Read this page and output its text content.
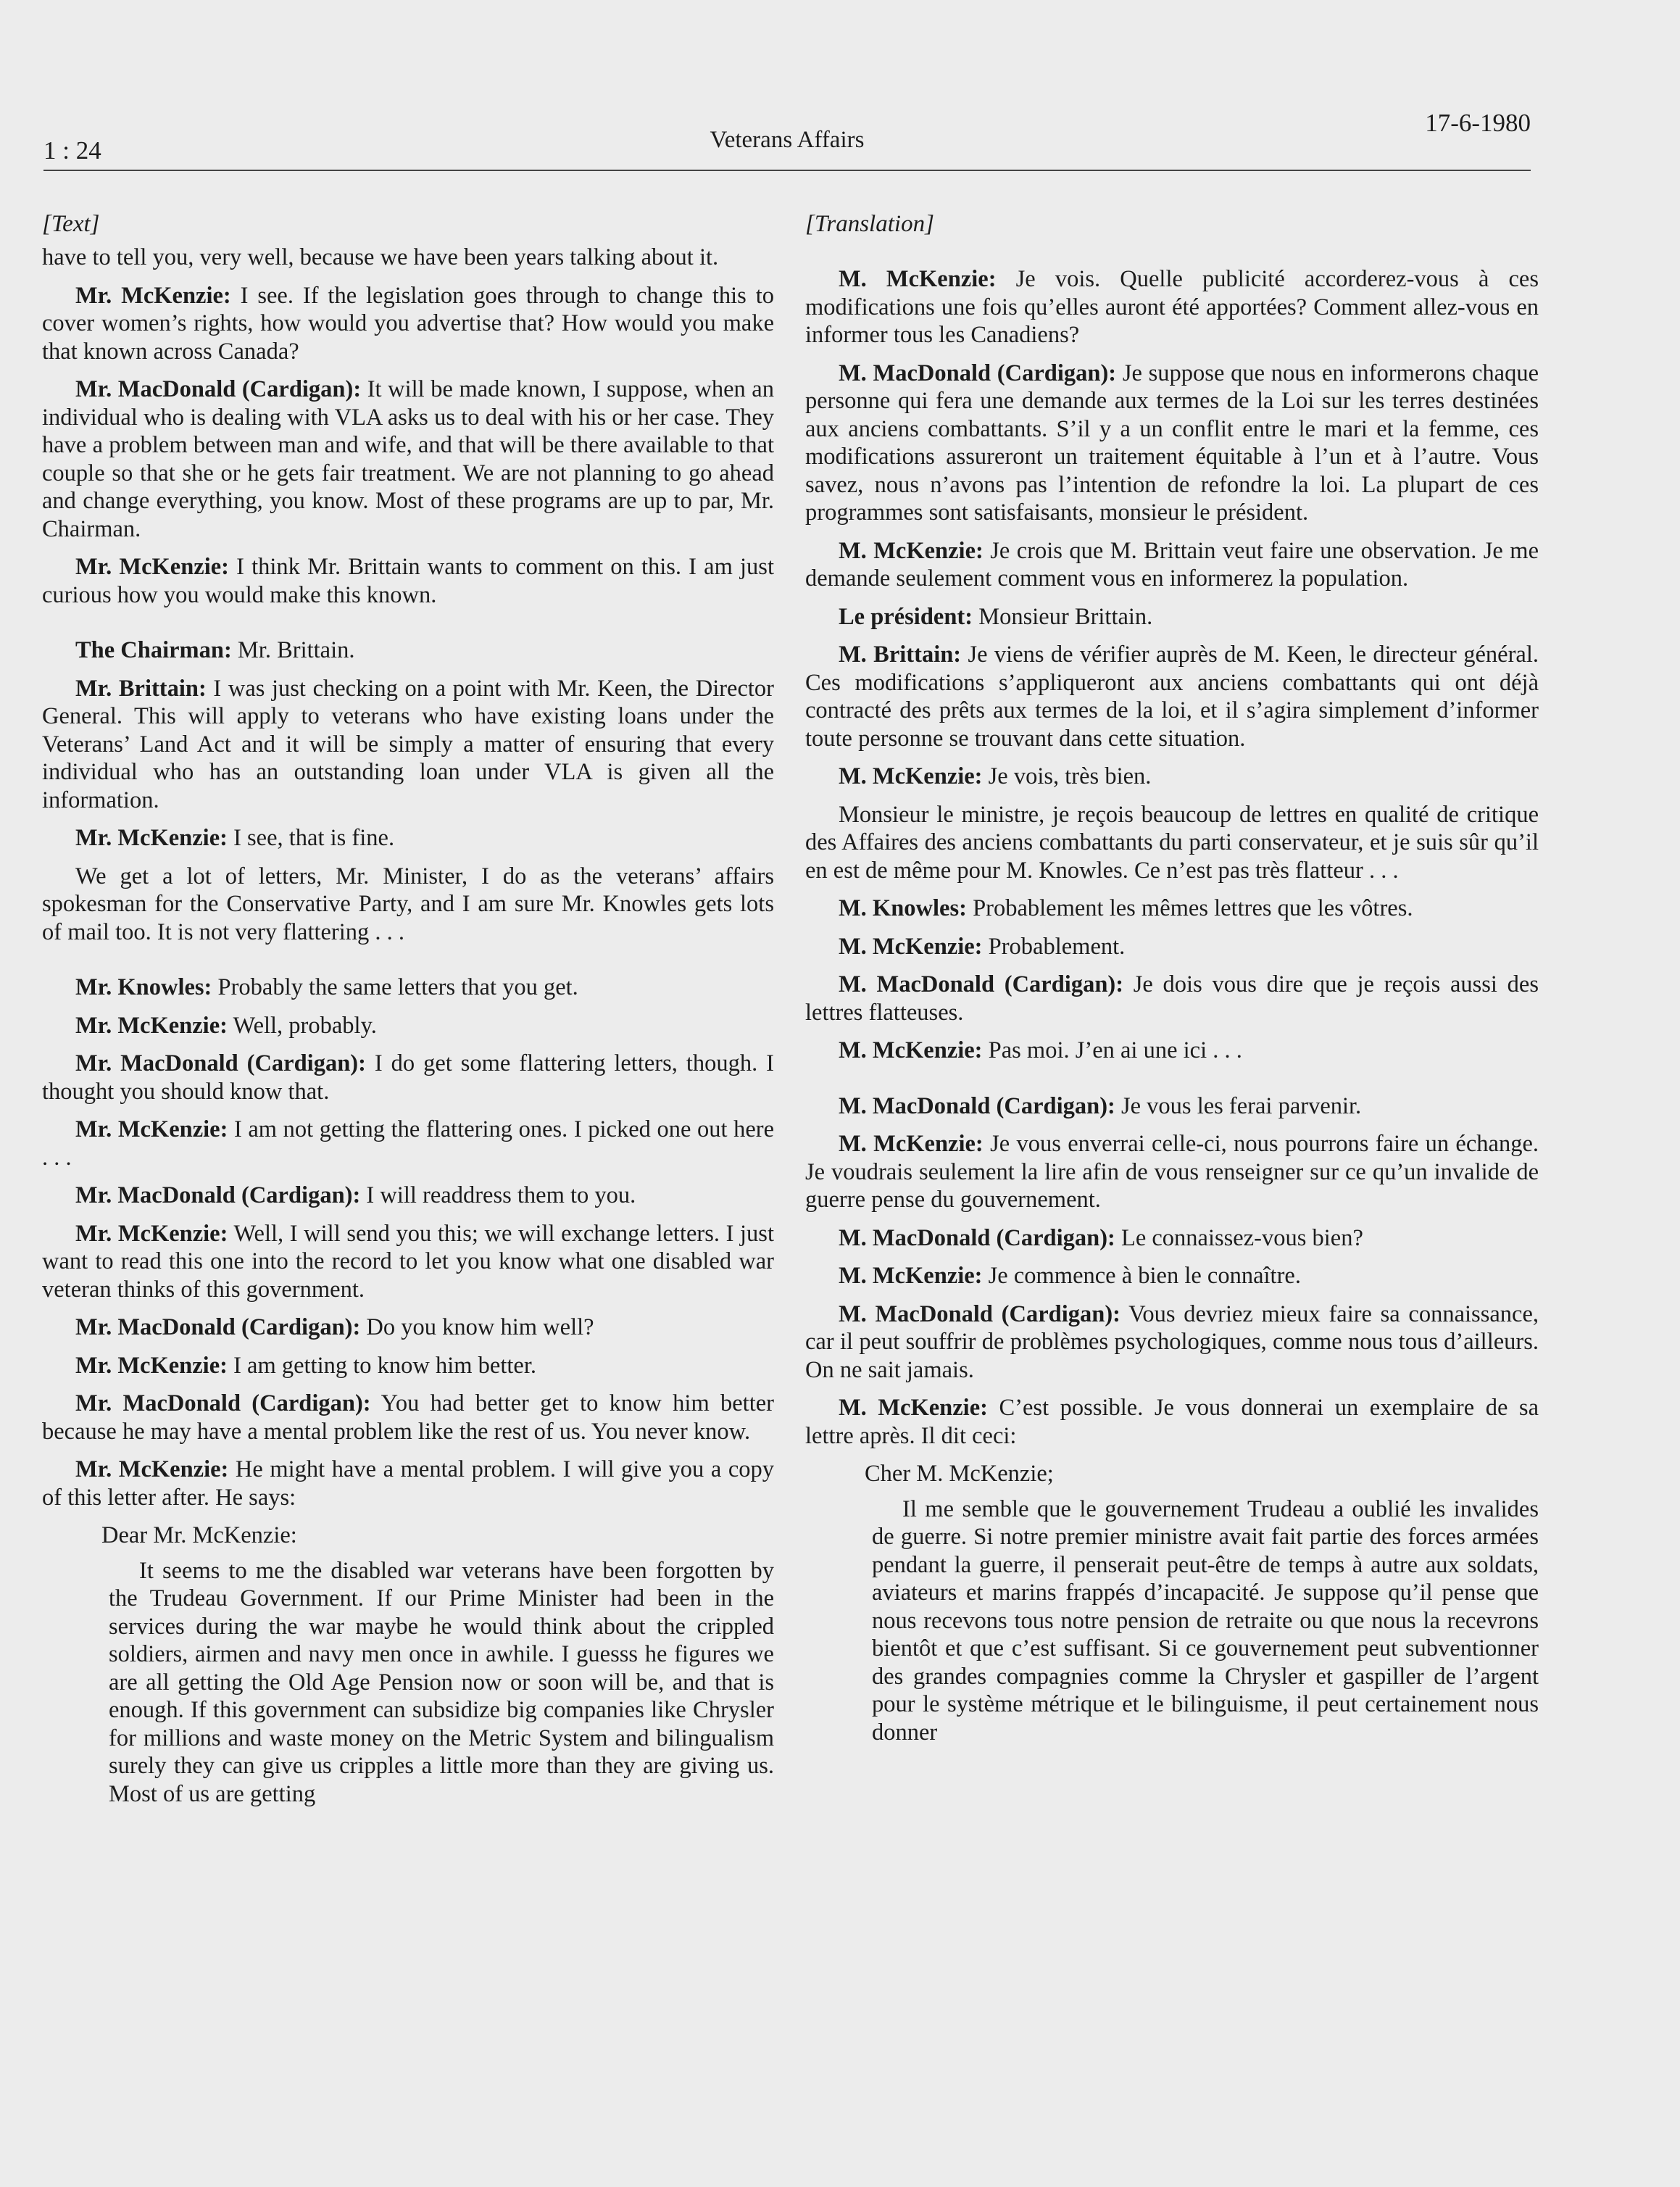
1 : 24	Veterans Affairs
17-6-1980
[Text]

have to tell you, very well, because we have been years talking about it.

Mr. McKenzie: I see. If the legislation goes through to change this to cover women’s rights, how would you advertise that? How would you make that known across Canada?

Mr. MacDonald (Cardigan): It will be made known, I suppose, when an individual who is dealing with VLA asks us to deal with his or her case. They have a problem between man and wife, and that will be there available to that couple so that she or he gets fair treatment. We are not planning to go ahead and change everything, you know. Most of these programs are up to par, Mr. Chairman.

Mr. McKenzie: I think Mr. Brittain wants to comment on this. I am just curious how you would make this known.

The Chairman: Mr. Brittain.

Mr. Brittain: I was just checking on a point with Mr. Keen, the Director General. This will apply to veterans who have existing loans under the Veterans’ Land Act and it will be simply a matter of ensuring that every individual who has an outstanding loan under VLA is given all the information.

Mr. McKenzie: I see, that is fine.

We get a lot of letters, Mr. Minister, I do as the veterans’ affairs spokesman for the Conservative Party, and I am sure Mr. Knowles gets lots of mail too. It is not very flattering . . .

Mr. Knowles: Probably the same letters that you get.

Mr. McKenzie: Well, probably.

Mr. MacDonald (Cardigan): I do get some flattering letters, though. I thought you should know that.

Mr. McKenzie: I am not getting the flattering ones. I picked one out here . . .

Mr. MacDonald (Cardigan): I will readdress them to you.

Mr. McKenzie: Well, I will send you this; we will exchange letters. I just want to read this one into the record to let you know what one disabled war veteran thinks of this government.

Mr. MacDonald (Cardigan): Do you know him well?

Mr. McKenzie: I am getting to know him better.

Mr. MacDonald (Cardigan): You had better get to know him better because he may have a mental problem like the rest of us. You never know.

Mr. McKenzie: He might have a mental problem. I will give you a copy of this letter after. He says:

Dear Mr. McKenzie:

It seems to me the disabled war veterans have been forgotten by the Trudeau Government. If our Prime Minister had been in the services during the war maybe he would think about the crippled soldiers, airmen and navy men once in awhile. I guesss he figures we are all getting the Old Age Pension now or soon will be, and that is enough. If this government can subsidize big companies like Chrysler for millions and waste money on the Metric System and bilingualism surely they can give us cripples a little more than they are giving us. Most of us are getting

[Translation]

M. McKenzie: Je vois. Quelle publicité accorderez-vous à ces modifications une fois qu’elles auront été apportées? Comment allez-vous en informer tous les Canadiens?

M. MacDonald (Cardigan): Je suppose que nous en informerons chaque personne qui fera une demande aux termes de la Loi sur les terres destinées aux anciens combattants. S’il y a un conflit entre le mari et la femme, ces modifications assureront un traitement équitable à l’un et à l’autre. Vous savez, nous n’avons pas l’intention de refondre la loi. La plupart de ces programmes sont satisfaisants, monsieur le président.

M. McKenzie: Je crois que M. Brittain veut faire une observation. Je me demande seulement comment vous en informerez la population.

Le président: Monsieur Brittain.

M. Brittain: Je viens de vérifier auprès de M. Keen, le directeur général. Ces modifications s’appliqueront aux anciens combattants qui ont déjà contracté des prêts aux termes de la loi, et il s’agira simplement d’informer toute personne se trouvant dans cette situation.

M. McKenzie: Je vois, très bien.

Monsieur le ministre, je reçois beaucoup de lettres en qualité de critique des Affaires des anciens combattants du parti conservateur, et je suis sûr qu’il en est de même pour M. Knowles. Ce n’est pas très flatteur . . .

M. Knowles: Probablement les mêmes lettres que les vôtres.

M. McKenzie: Probablement.

M. MacDonald (Cardigan): Je dois vous dire que je reçois aussi des lettres flatteuses.

M. McKenzie: Pas moi. J’en ai une ici . . .

M. MacDonald (Cardigan): Je vous les ferai parvenir.

M. McKenzie: Je vous enverrai celle-ci, nous pourrons faire un échange. Je voudrais seulement la lire afin de vous renseigner sur ce qu’un invalide de guerre pense du gouvernement.

M. MacDonald (Cardigan): Le connaissez-vous bien?

M. McKenzie: Je commence à bien le connaître.

M. MacDonald (Cardigan): Vous devriez mieux faire sa connaissance, car il peut souffrir de problèmes psychologiques, comme nous tous d’ailleurs. On ne sait jamais.

M. McKenzie: C’est possible. Je vous donnerai un exemplaire de sa lettre après. Il dit ceci:

Cher M. McKenzie;

Il me semble que le gouvernement Trudeau a oublié les invalides de guerre. Si notre premier ministre avait fait partie des forces armées pendant la guerre, il penserait peut-être de temps à autre aux soldats, aviateurs et marins frappés d’incapacité. Je suppose qu’il pense que nous recevons tous notre pension de retraite ou que nous la recevrons bientôt et que c’est suffisant. Si ce gouvernement peut subventionner des grandes compagnies comme la Chrysler et gaspiller de l’argent pour le système métrique et le bilinguisme, il peut certainement nous donner
